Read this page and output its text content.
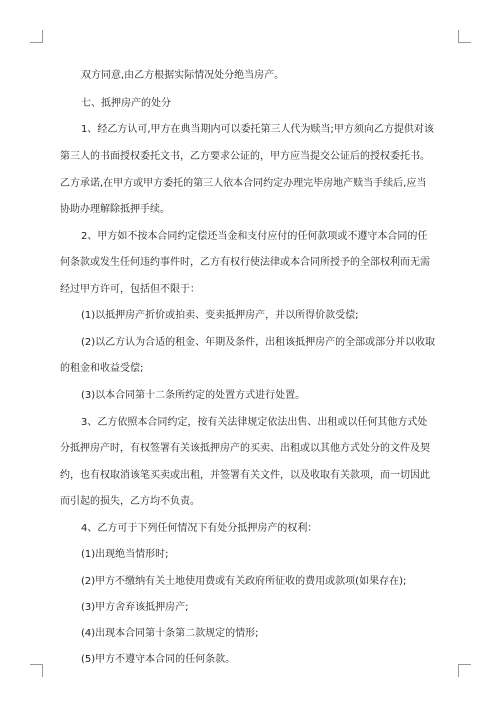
双方同意,由乙方根据实际情况处分绝当房产。
七、抵押房产的处分
1、经乙方认可,甲方在典当期内可以委托第三人代为赎当;甲方须向乙方提供对该
第三人的书面授权委托文书，乙方要求公证的，甲方应当提交公证后的授权委托书。
乙方承诺,在甲方或甲方委托的第三人依本合同约定办理完毕房地产赎当手续后,应当
协助办理解除抵押手续。
2、甲方如不按本合同约定偿还当金和支付应付的任何款项或不遵守本合同的任
何条款或发生任何违约事件时，乙方有权行使法律或本合同所授予的全部权利而无需
经过甲方许可，包括但不限于：
(1)以抵押房产折价或拍卖、变卖抵押房产，并以所得价款受偿;
(2)以乙方认为合适的租金、年期及条件，出租该抵押房产的全部或部分并以收取
的租金和收益受偿;
(3)以本合同第十二条所约定的处置方式进行处置。
3、乙方依照本合同约定，按有关法律规定依法出售、出租或以任何其他方式处
分抵押房产时，有权签署有关该抵押房产的买卖、出租或以其他方式处分的文件及契
约，也有权取消该笔买卖或出租，并签署有关文件，以及收取有关款项，而一切因此
而引起的损失，乙方均不负责。
4、乙方可于下列任何情况下有处分抵押房产的权利：
(1)出现绝当情形时;
(2)甲方不缴纳有关土地使用费或有关政府所征收的费用或款项(如果存在);
(3)甲方舍弃该抵押房产;
(4)出现本合同第十条第二款规定的情形;
(5)甲方不遵守本合同的任何条款。
